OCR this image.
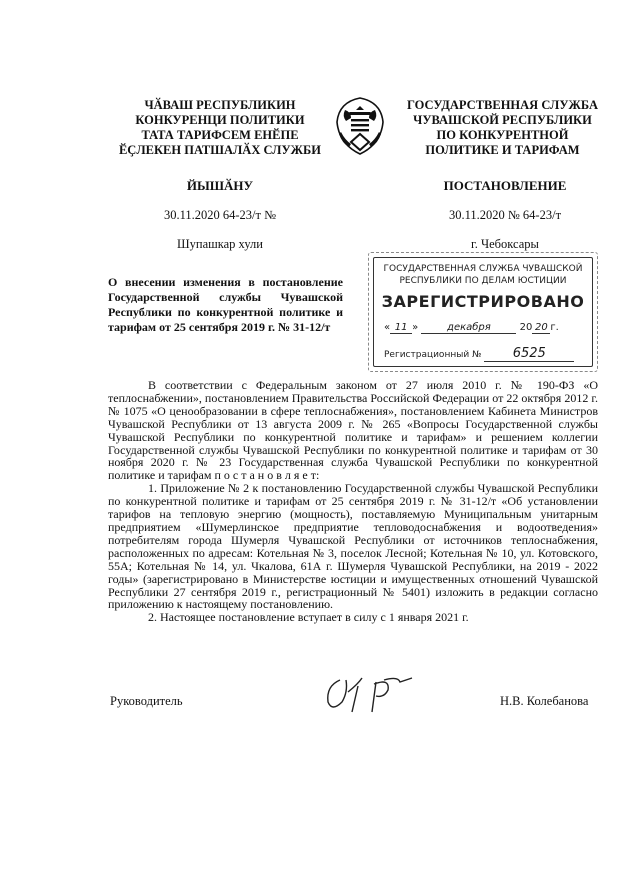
ЧӐВАШ РЕСПУБЛИКИН
КОНКУРЕНЦИ ПОЛИТИКИ
ТАТА ТАРИФСЕМ ЕНӖПЕ
ӖҪЛЕКЕН ПАТШАЛӐХ СЛУЖБИ
ГОСУДАРСТВЕННАЯ СЛУЖБА
ЧУВАШСКОЙ РЕСПУБЛИКИ
ПО КОНКУРЕНТНОЙ
ПОЛИТИКЕ И ТАРИФАМ
ЙЫШӐНУ	ПОСТАНОВЛЕНИЕ
30.11.2020 64-23/т №	30.11.2020 № 64-23/т
Шупашкар хули	г. Чебоксары
О внесении изменения в постановление Государственной службы Чувашской Республики по конкурентной политике и тарифам от 25 сентября 2019 г. № 31-12/т
ГОСУДАРСТВЕННАЯ СЛУЖБА ЧУВАШСКОЙ
РЕСПУБЛИКИ ПО ДЕЛАМ ЮСТИЦИИ
ЗАРЕГИСТРИРОВАНО
« 11 »	декабря	20 20 г.
Регистрационный № 6525

В соответствии с Федеральным законом от 27 июля 2010 г. № 190-ФЗ «О теплоснабжении», постановлением Правительства Российской Федерации от 22 октября 2012 г. № 1075 «О ценообразовании в сфере теплоснабжения», постановлением Кабинета Министров Чувашской Республики от 13 августа 2009 г. № 265 «Вопросы Государственной службы Чувашской Республики по конкурентной политике и тарифам» и решением коллегии Государственной службы Чувашской Республики по конкурентной политике и тарифам от 30 ноября 2020 г. № 23 Государственная служба Чувашской Республики по конкурентной политике и тарифам п о с т а н о в л я е т:

1. Приложение № 2 к постановлению Государственной службы Чувашской Республики по конкурентной политике и тарифам от 25 сентября 2019 г. № 31-12/т «Об установлении тарифов на тепловую энергию (мощность), поставляемую Муниципальным унитарным предприятием «Шумерлинское предприятие тепловодоснабжения и водоотведения» потребителям города Шумерля Чувашской Республики от источников теплоснабжения, расположенных по адресам: Котельная № 3, поселок Лесной; Котельная № 10, ул. Котовского, 55А; Котельная № 14, ул. Чкалова, 61А г. Шумерля Чувашской Республики, на 2019 - 2022 годы» (зарегистрировано в Министерстве юстиции и имущественных отношений Чувашской Республики 27 сентября 2019 г., регистрационный № 5401) изложить в редакции согласно приложению к настоящему постановлению.

2. Настоящее постановление вступает в силу с 1 января 2021 г.

Руководитель	Н.В. Колебанова
